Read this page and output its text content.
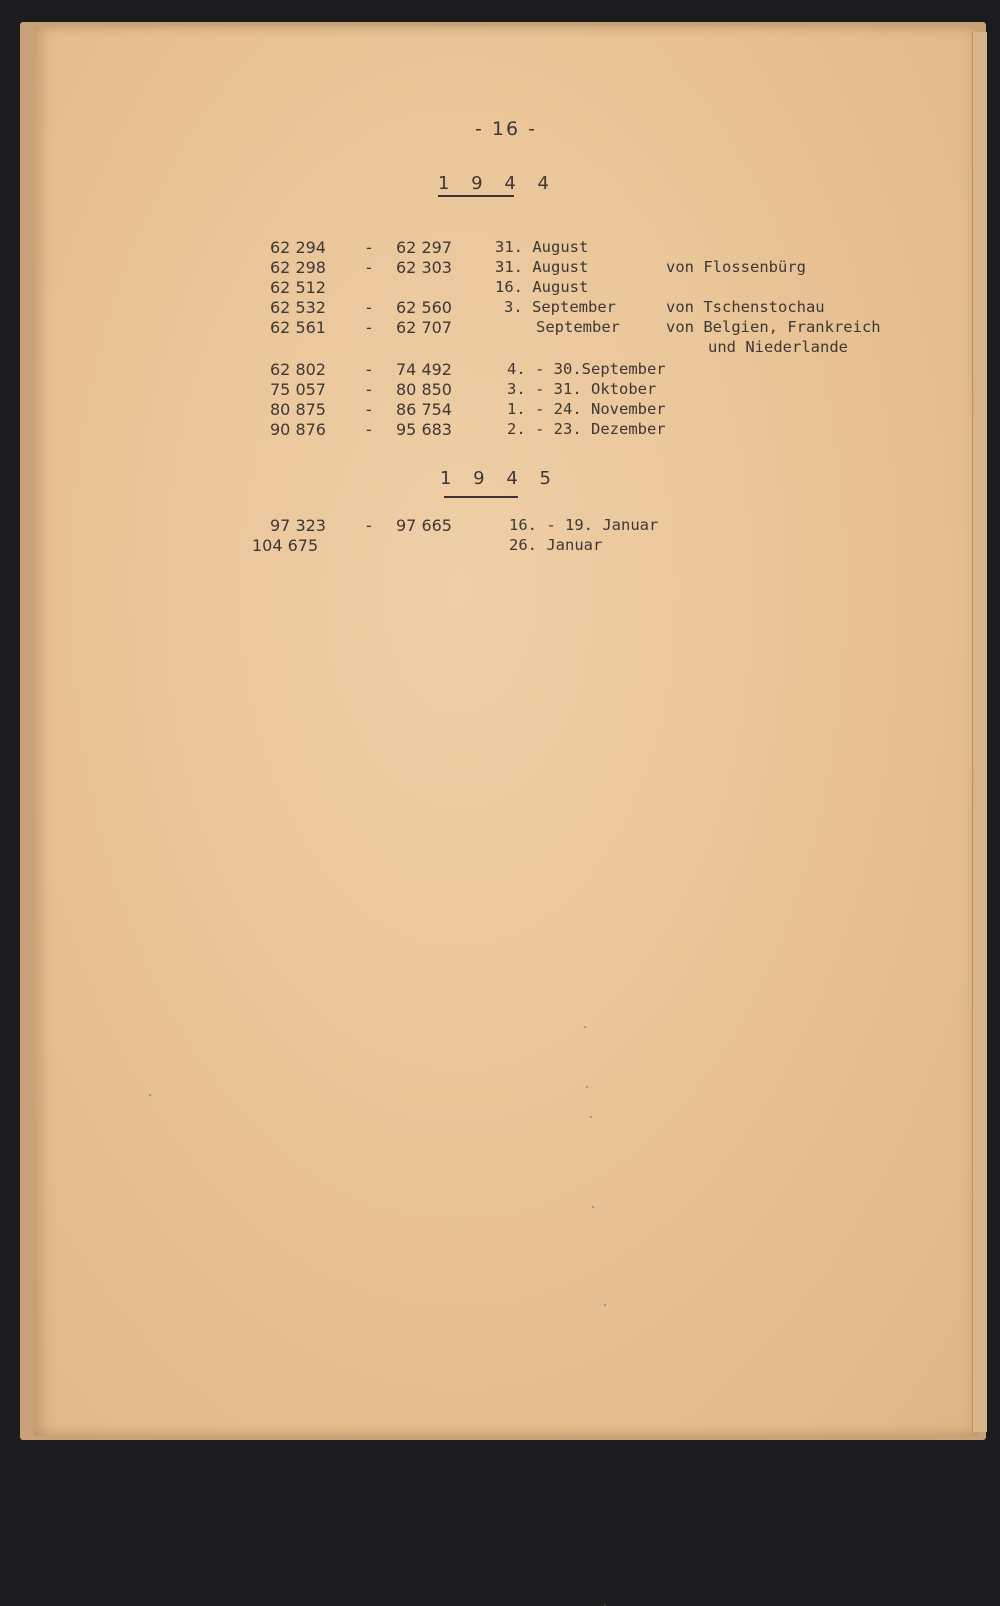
- 16 -
1 9 4 4
62 294	- 62 297	31. August
62 298	- 62 303	31. August	von Flossenbürg
62 512	16. August
62 532	- 62 560	3. September	von Tschenstochau
62 561	- 62 707	September	von Belgien, Frankreich
und Niederlande
62 802	- 74 492	4. - 30.September
75 057	- 80 850	3. - 31. Oktober
80 875	- 86 754	1. - 24. November
90 876	- 95 683	2. - 23. Dezember
1 9 4 5
97 323	- 97 665	16. - 19. Januar
104 675	26. Januar
